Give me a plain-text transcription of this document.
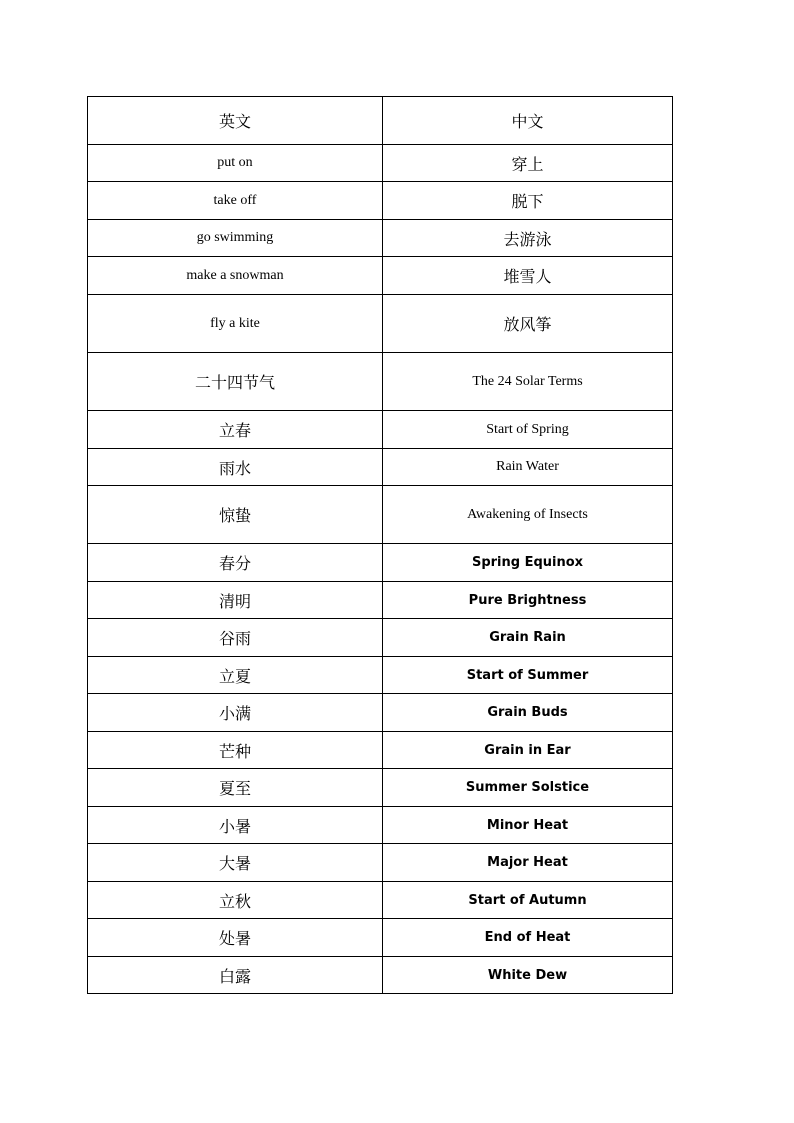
英文	中文
put on	穿上
take off	脱下
go swimming	去游泳
make a snowman	堆雪人
fly a kite	放风筝
二十四节气	The 24 Solar Terms
立春	Start of Spring
雨水	Rain Water
惊蛰	Awakening of Insects
春分	Spring Equinox
清明	Pure Brightness
谷雨	Grain Rain
立夏	Start of Summer
小满	Grain Buds
芒种	Grain in Ear
夏至	Summer Solstice
小暑	Minor Heat
大暑	Major Heat
立秋	Start of Autumn
处暑	End of Heat
白露	White Dew
